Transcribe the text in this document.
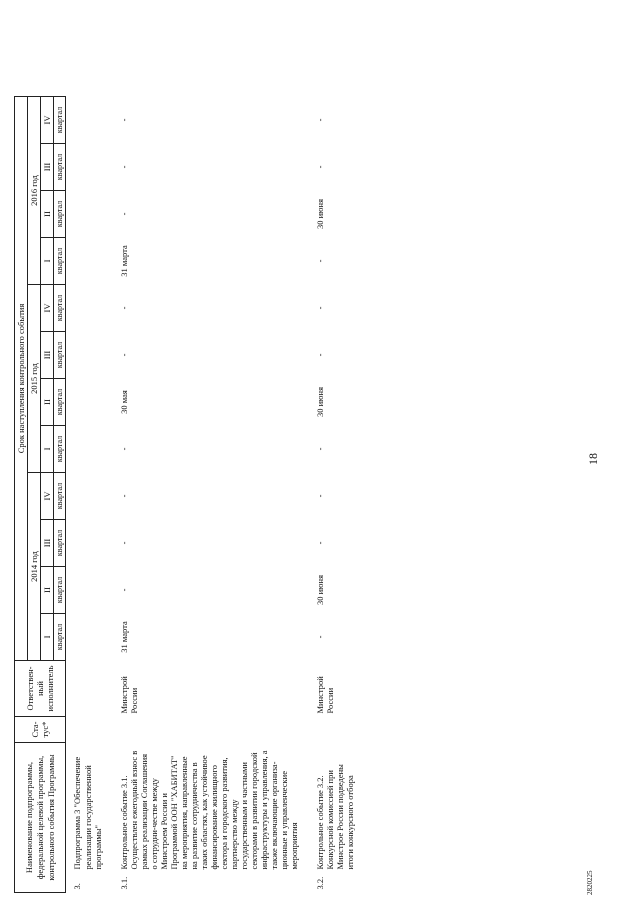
18
2820225
Наименование подпрограммы, федеральной целевой программы, контрольного события Программы		Ста-тус*	Ответствен-ный исполнитель	Срок наступления контрольного события											
				2014 год				2015 год				2016 год			
				I	II	III	IV	I	II	III	IV	I	II	III	IV
				квартал	квартал	квартал	квартал	квартал	квартал	квартал	квартал	квартал	квартал	квартал	квартал
3.	Подпрограмма 3 "Обеспечение реализации государственной программы"														
3.1.	Контрольное событие 3.1. Осуществлен ежегодный взнос в рамках реализации Соглашения о сотрудни-честве между Минстроем России и Программой ООН "ХАБИТАТ" на мероприятия, направленные на развитие сотрудничества в таких областях, как устойчивое финансирование жилищного сектора и городского развития, партнерство между государственным и частными секторами в развитии городской инфраструктуры и управления, а также включающие организа-ционные и управленческие мероприятия		Минстрой России	31 марта	-	-	-	-	30 мая	-	-	31 марта	-	-	-
3.2.	Контрольное событие 3.2. Конкурсной комиссией при Минстрое России подведены итоги конкурсного отбора		Минстрой России	-	30 июня	-	-	-	30 июня	-	-	-	30 июня	-	-
